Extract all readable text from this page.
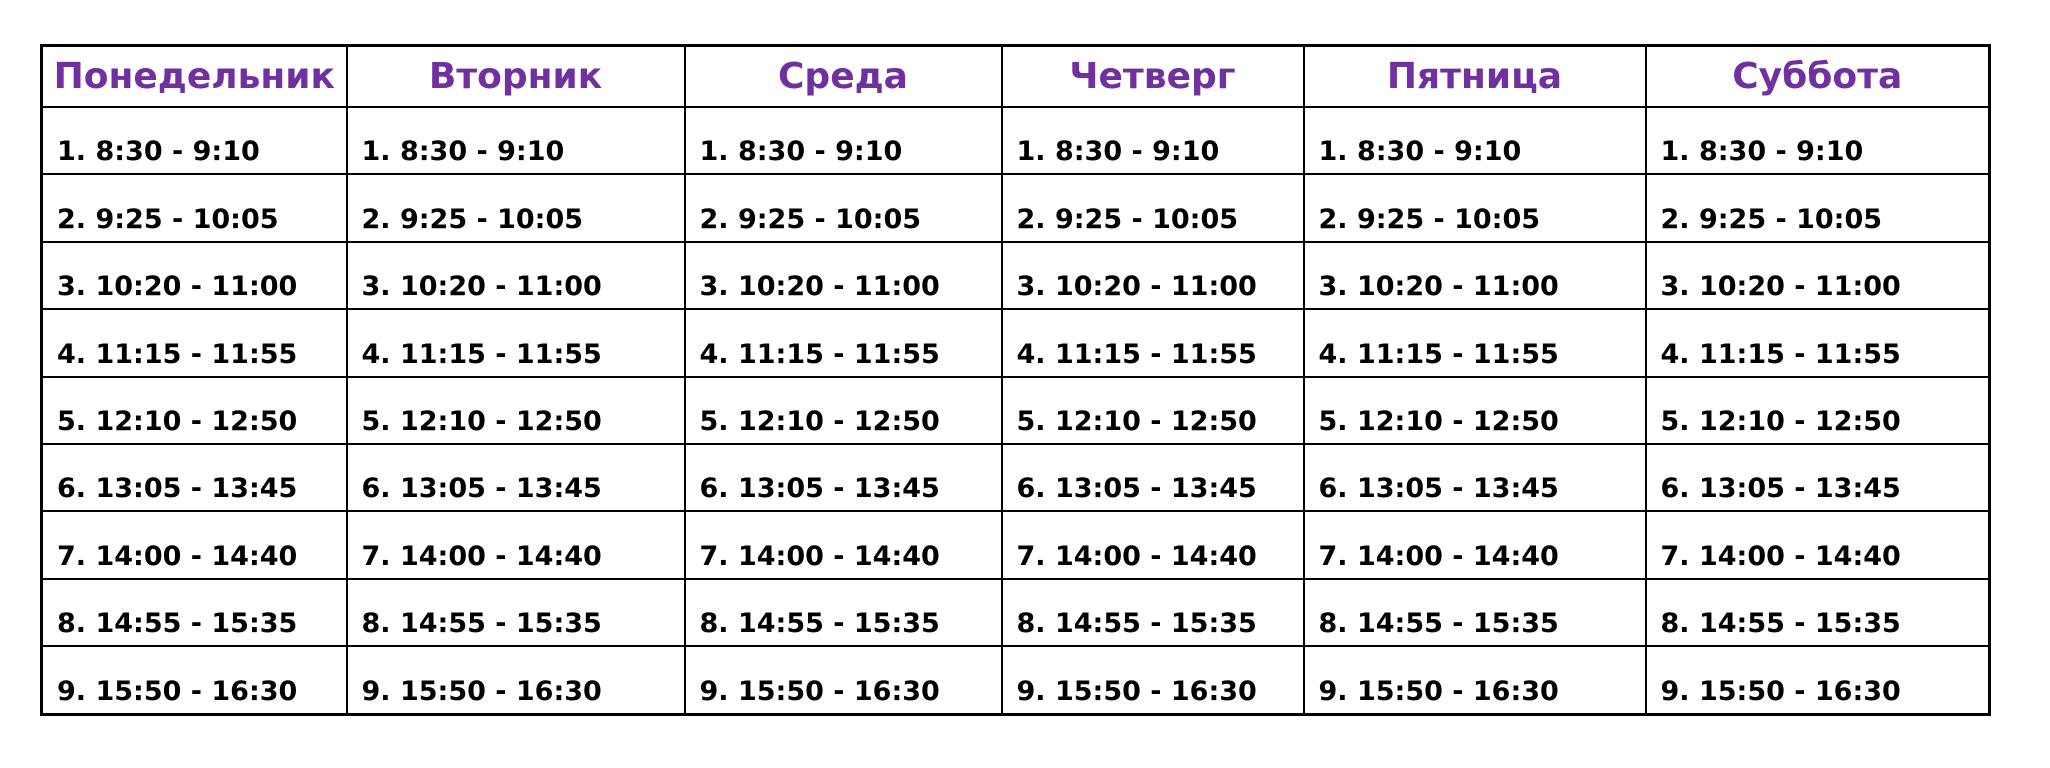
Понедельник	Вторник	Среда	Четверг	Пятница	Суббота
1. 8:30 - 9:10	1. 8:30 - 9:10	1. 8:30 - 9:10	1. 8:30 - 9:10	1. 8:30 - 9:10	1. 8:30 - 9:10
2. 9:25 - 10:05	2. 9:25 - 10:05	2. 9:25 - 10:05	2. 9:25 - 10:05	2. 9:25 - 10:05	2. 9:25 - 10:05
3. 10:20 - 11:00	3. 10:20 - 11:00	3. 10:20 - 11:00	3. 10:20 - 11:00	3. 10:20 - 11:00	3. 10:20 - 11:00
4. 11:15 - 11:55	4. 11:15 - 11:55	4. 11:15 - 11:55	4. 11:15 - 11:55	4. 11:15 - 11:55	4. 11:15 - 11:55
5. 12:10 - 12:50	5. 12:10 - 12:50	5. 12:10 - 12:50	5. 12:10 - 12:50	5. 12:10 - 12:50	5. 12:10 - 12:50
6. 13:05 - 13:45	6. 13:05 - 13:45	6. 13:05 - 13:45	6. 13:05 - 13:45	6. 13:05 - 13:45	6. 13:05 - 13:45
7. 14:00 - 14:40	7. 14:00 - 14:40	7. 14:00 - 14:40	7. 14:00 - 14:40	7. 14:00 - 14:40	7. 14:00 - 14:40
8. 14:55 - 15:35	8. 14:55 - 15:35	8. 14:55 - 15:35	8. 14:55 - 15:35	8. 14:55 - 15:35	8. 14:55 - 15:35
9. 15:50 - 16:30	9. 15:50 - 16:30	9. 15:50 - 16:30	9. 15:50 - 16:30	9. 15:50 - 16:30	9. 15:50 - 16:30
